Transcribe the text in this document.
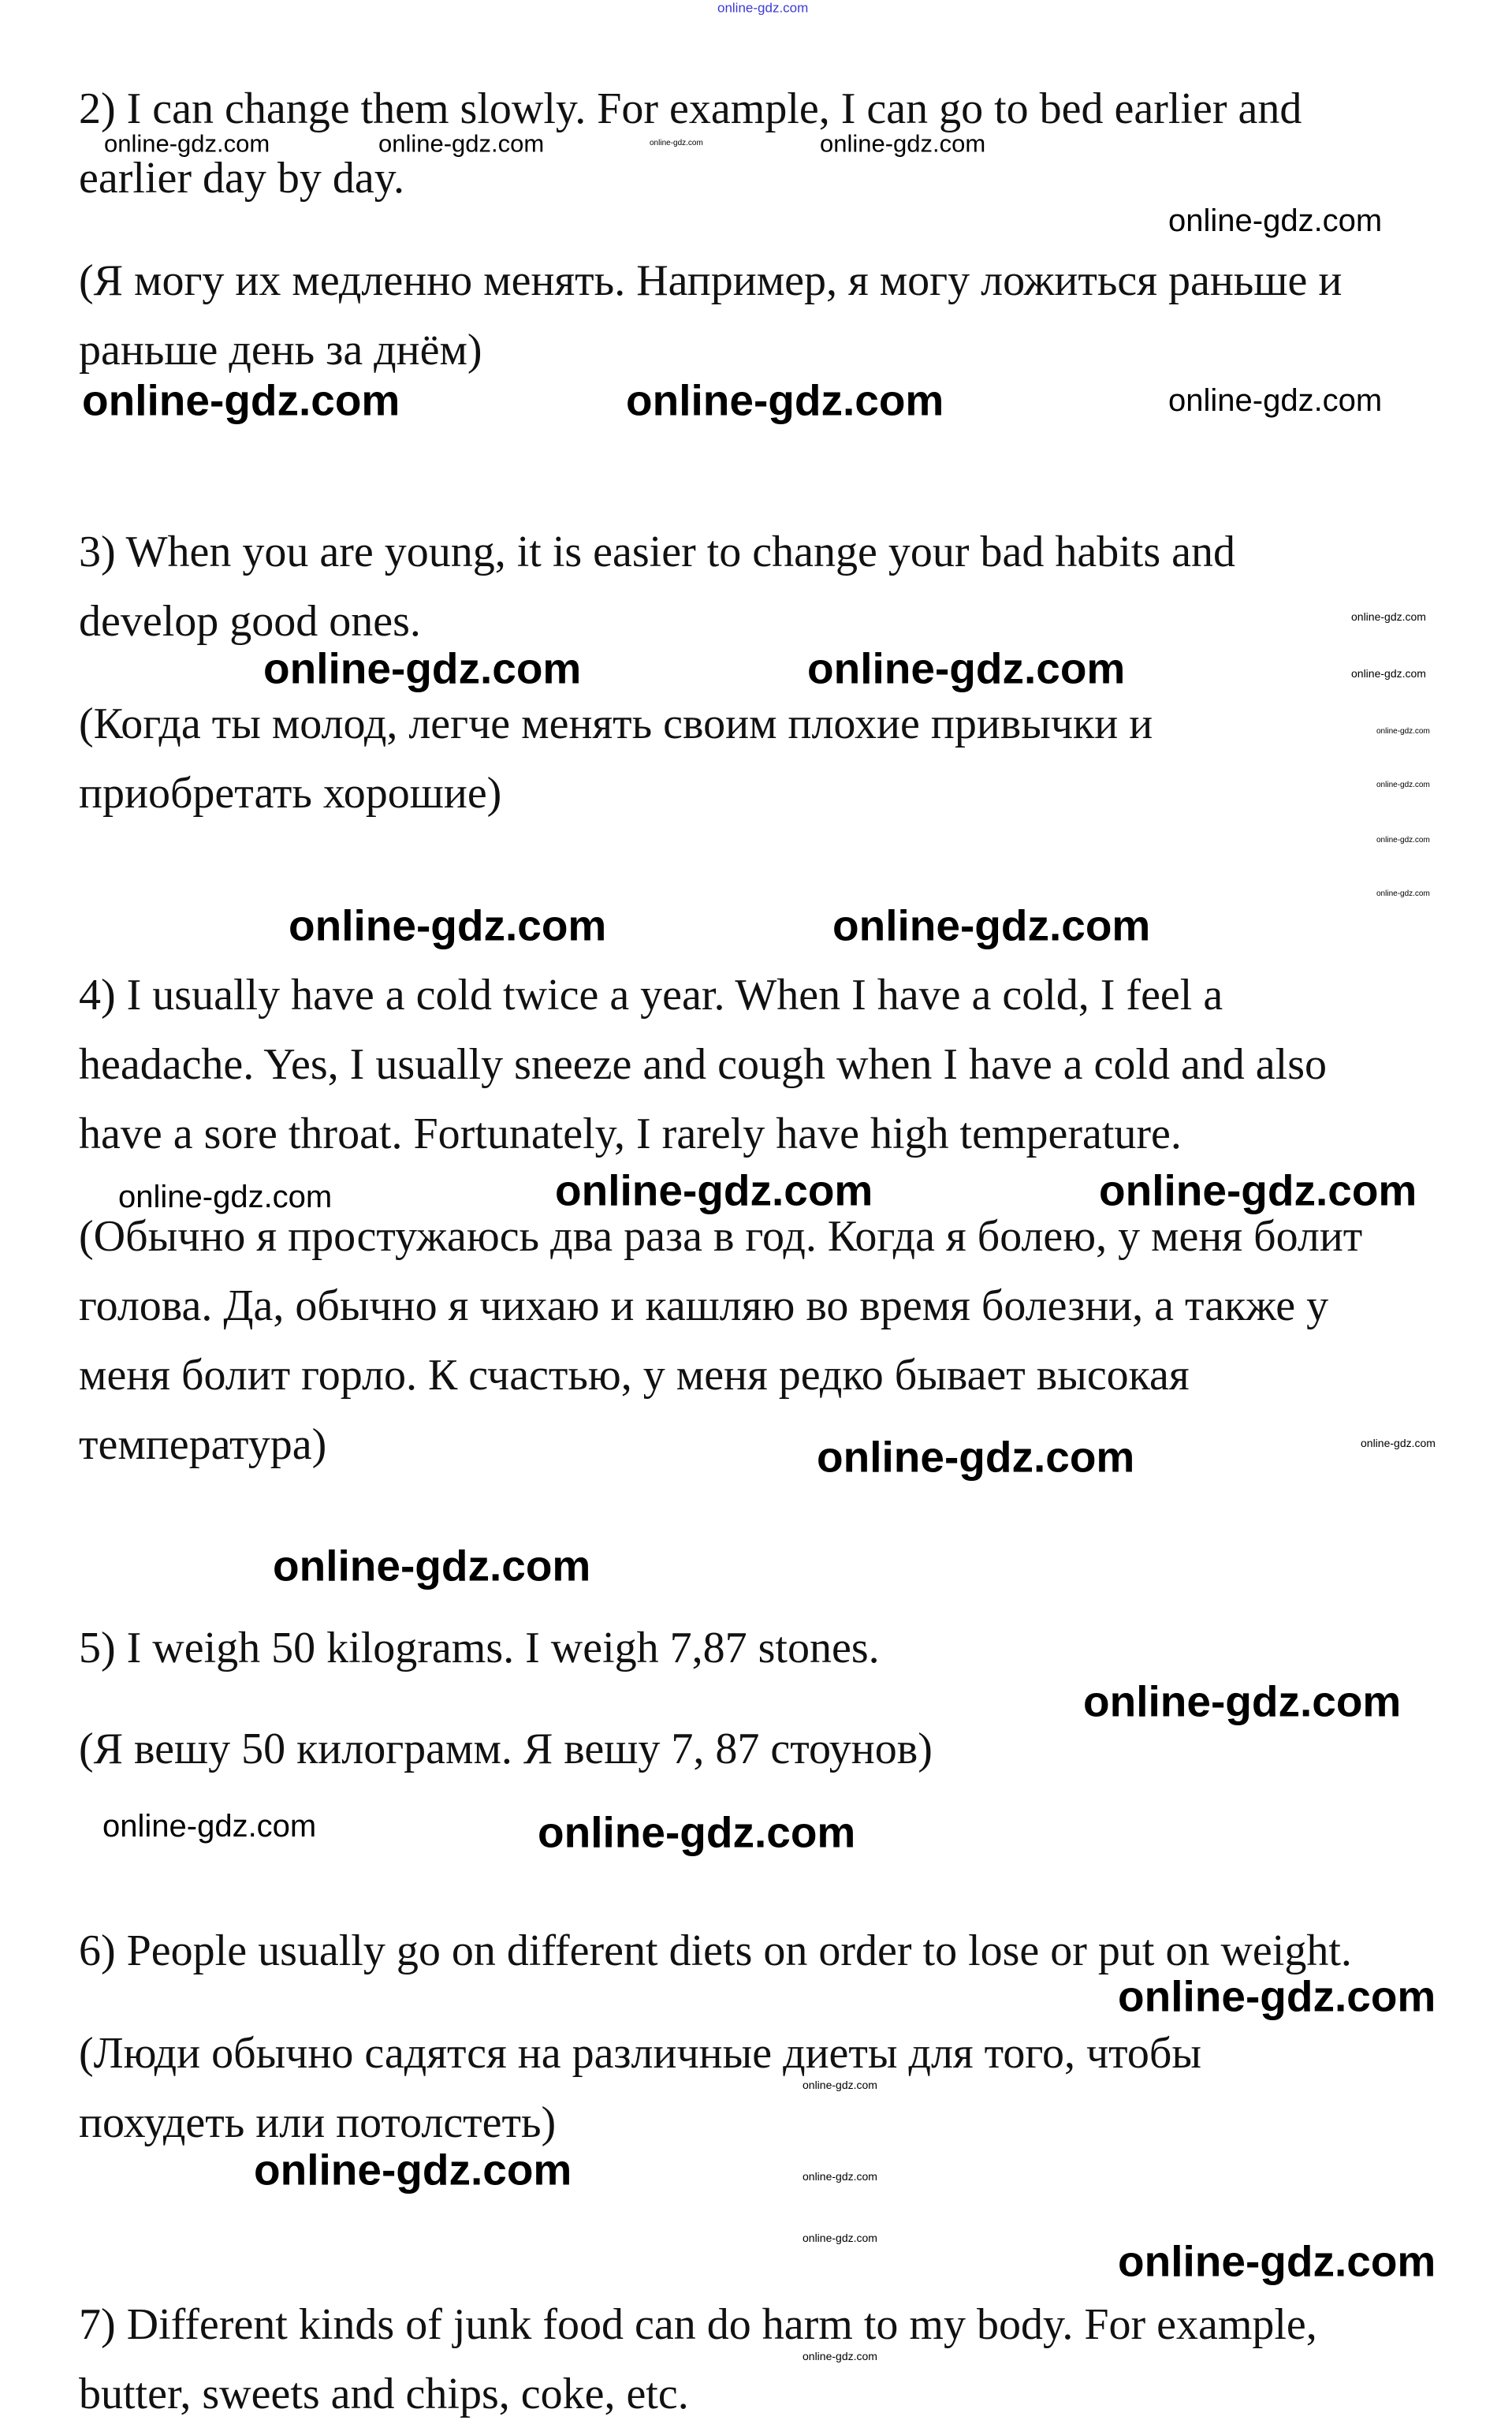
online-gdz.com
online-gdz.com	online-gdz.com	online-gdz.com	online-gdz.com
online-gdz.com
online-gdz.com	online-gdz.com	online-gdz.com
online-gdz.com	online-gdz.com
online-gdz.com
online-gdz.com
online-gdz.com
online-gdz.com
online-gdz.com
online-gdz.com
online-gdz.com	online-gdz.com
online-gdz.com	online-gdz.com	online-gdz.com
online-gdz.com	online-gdz.com
online-gdz.com
online-gdz.com
online-gdz.com	online-gdz.com
online-gdz.com
online-gdz.com
online-gdz.com	online-gdz.com
online-gdz.com	online-gdz.com
online-gdz.com
2) I can change them slowly. For example, I can go to bed earlier and
earlier day by day.
(Я могу их медленно менять. Например, я могу ложиться раньше и
раньше день за днём)
3) When you are young, it is easier to change your bad habits and
develop good ones.
(Когда ты молод, легче менять своим плохие привычки и
приобретать хорошие)
4) I usually have a cold twice a year. When I have a cold, I feel a
headache. Yes, I usually sneeze and cough when I have a cold and also
have a sore throat. Fortunately, I rarely have high temperature.
(Обычно я простужаюсь два раза в год. Когда я болею, у меня болит
голова. Да, обычно я чихаю и кашляю во время болезни, а также у
меня болит горло. К счастью, у меня редко бывает высокая
температура)
5) I weigh 50 kilograms. I weigh 7,87 stones.
(Я вешу 50 килограмм. Я вешу 7, 87 стоунов)
6) People usually go on different diets on order to lose or put on weight.
(Люди обычно садятся на различные диеты для того, чтобы
похудеть или потолстеть)
7) Different kinds of junk food can do harm to my body. For example,
butter, sweets and chips, coke, etc.
